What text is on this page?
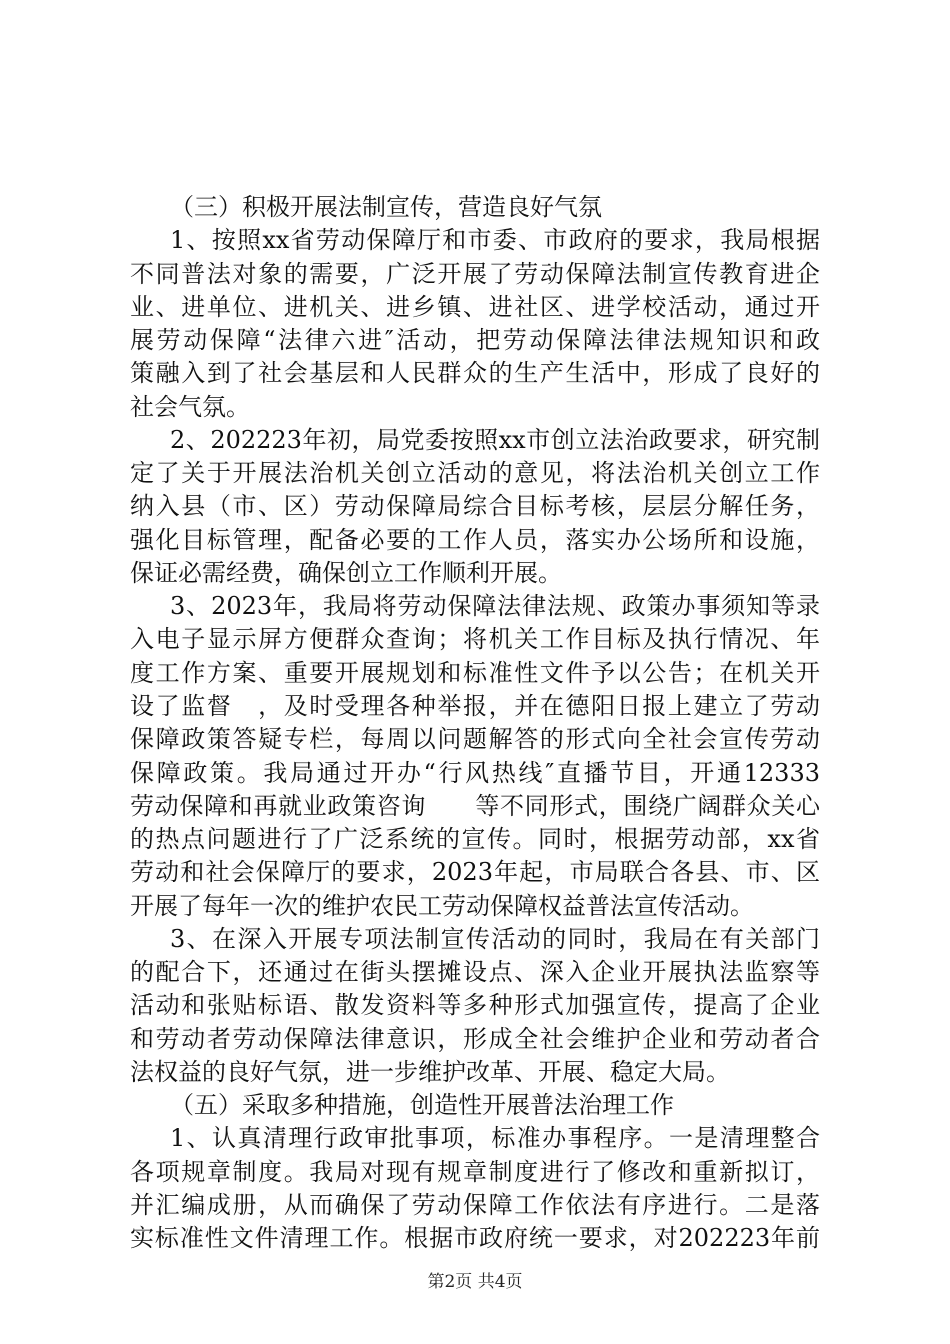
（三）积极开展法制宣传，营造良好气氛
1、按照xx省劳动保障厅和市委、市政府的要求，我局根据
不同普法对象的需要，广泛开展了劳动保障法制宣传教育进企
业、进单位、进机关、进乡镇、进社区、进学校活动，通过开
展劳动保障“法律六进″活动，把劳动保障法律法规知识和政
策融入到了社会基层和人民群众的生产生活中，形成了良好的
社会气氛。
2、202223年初，局党委按照xx市创立法治政要求，研究制
定了关于开展法治机关创立活动的意见，将法治机关创立工作
纳入县（市、区）劳动保障局综合目标考核，层层分解任务，
强化目标管理，配备必要的工作人员，落实办公场所和设施，
保证必需经费，确保创立工作顺利开展。
3、2023年，我局将劳动保障法律法规、政策办事须知等录
入电子显示屏方便群众查询；将机关工作目标及执行情况、年
度工作方案、重要开展规划和标准性文件予以公告；在机关开
设了监督　，及时受理各种举报，并在德阳日报上建立了劳动
保障政策答疑专栏，每周以问题解答的形式向全社会宣传劳动
保障政策。我局通过开办“行风热线″直播节目，开通12333
劳动保障和再就业政策咨询　　等不同形式，围绕广阔群众关心
的热点问题进行了广泛系统的宣传。同时，根据劳动部，xx省
劳动和社会保障厅的要求，2023年起，市局联合各县、市、区
开展了每年一次的维护农民工劳动保障权益普法宣传活动。
3、在深入开展专项法制宣传活动的同时，我局在有关部门
的配合下，还通过在街头摆摊设点、深入企业开展执法监察等
活动和张贴标语、散发资料等多种形式加强宣传，提高了企业
和劳动者劳动保障法律意识，形成全社会维护企业和劳动者合
法权益的良好气氛，进一步维护改革、开展、稳定大局。
（五）采取多种措施，创造性开展普法治理工作
1、认真清理行政审批事项，标准办事程序。一是清理整合
各项规章制度。我局对现有规章制度进行了修改和重新拟订，
并汇编成册，从而确保了劳动保障工作依法有序进行。二是落
实标准性文件清理工作。根据市政府统一要求，对202223年前
第2页 共4页
